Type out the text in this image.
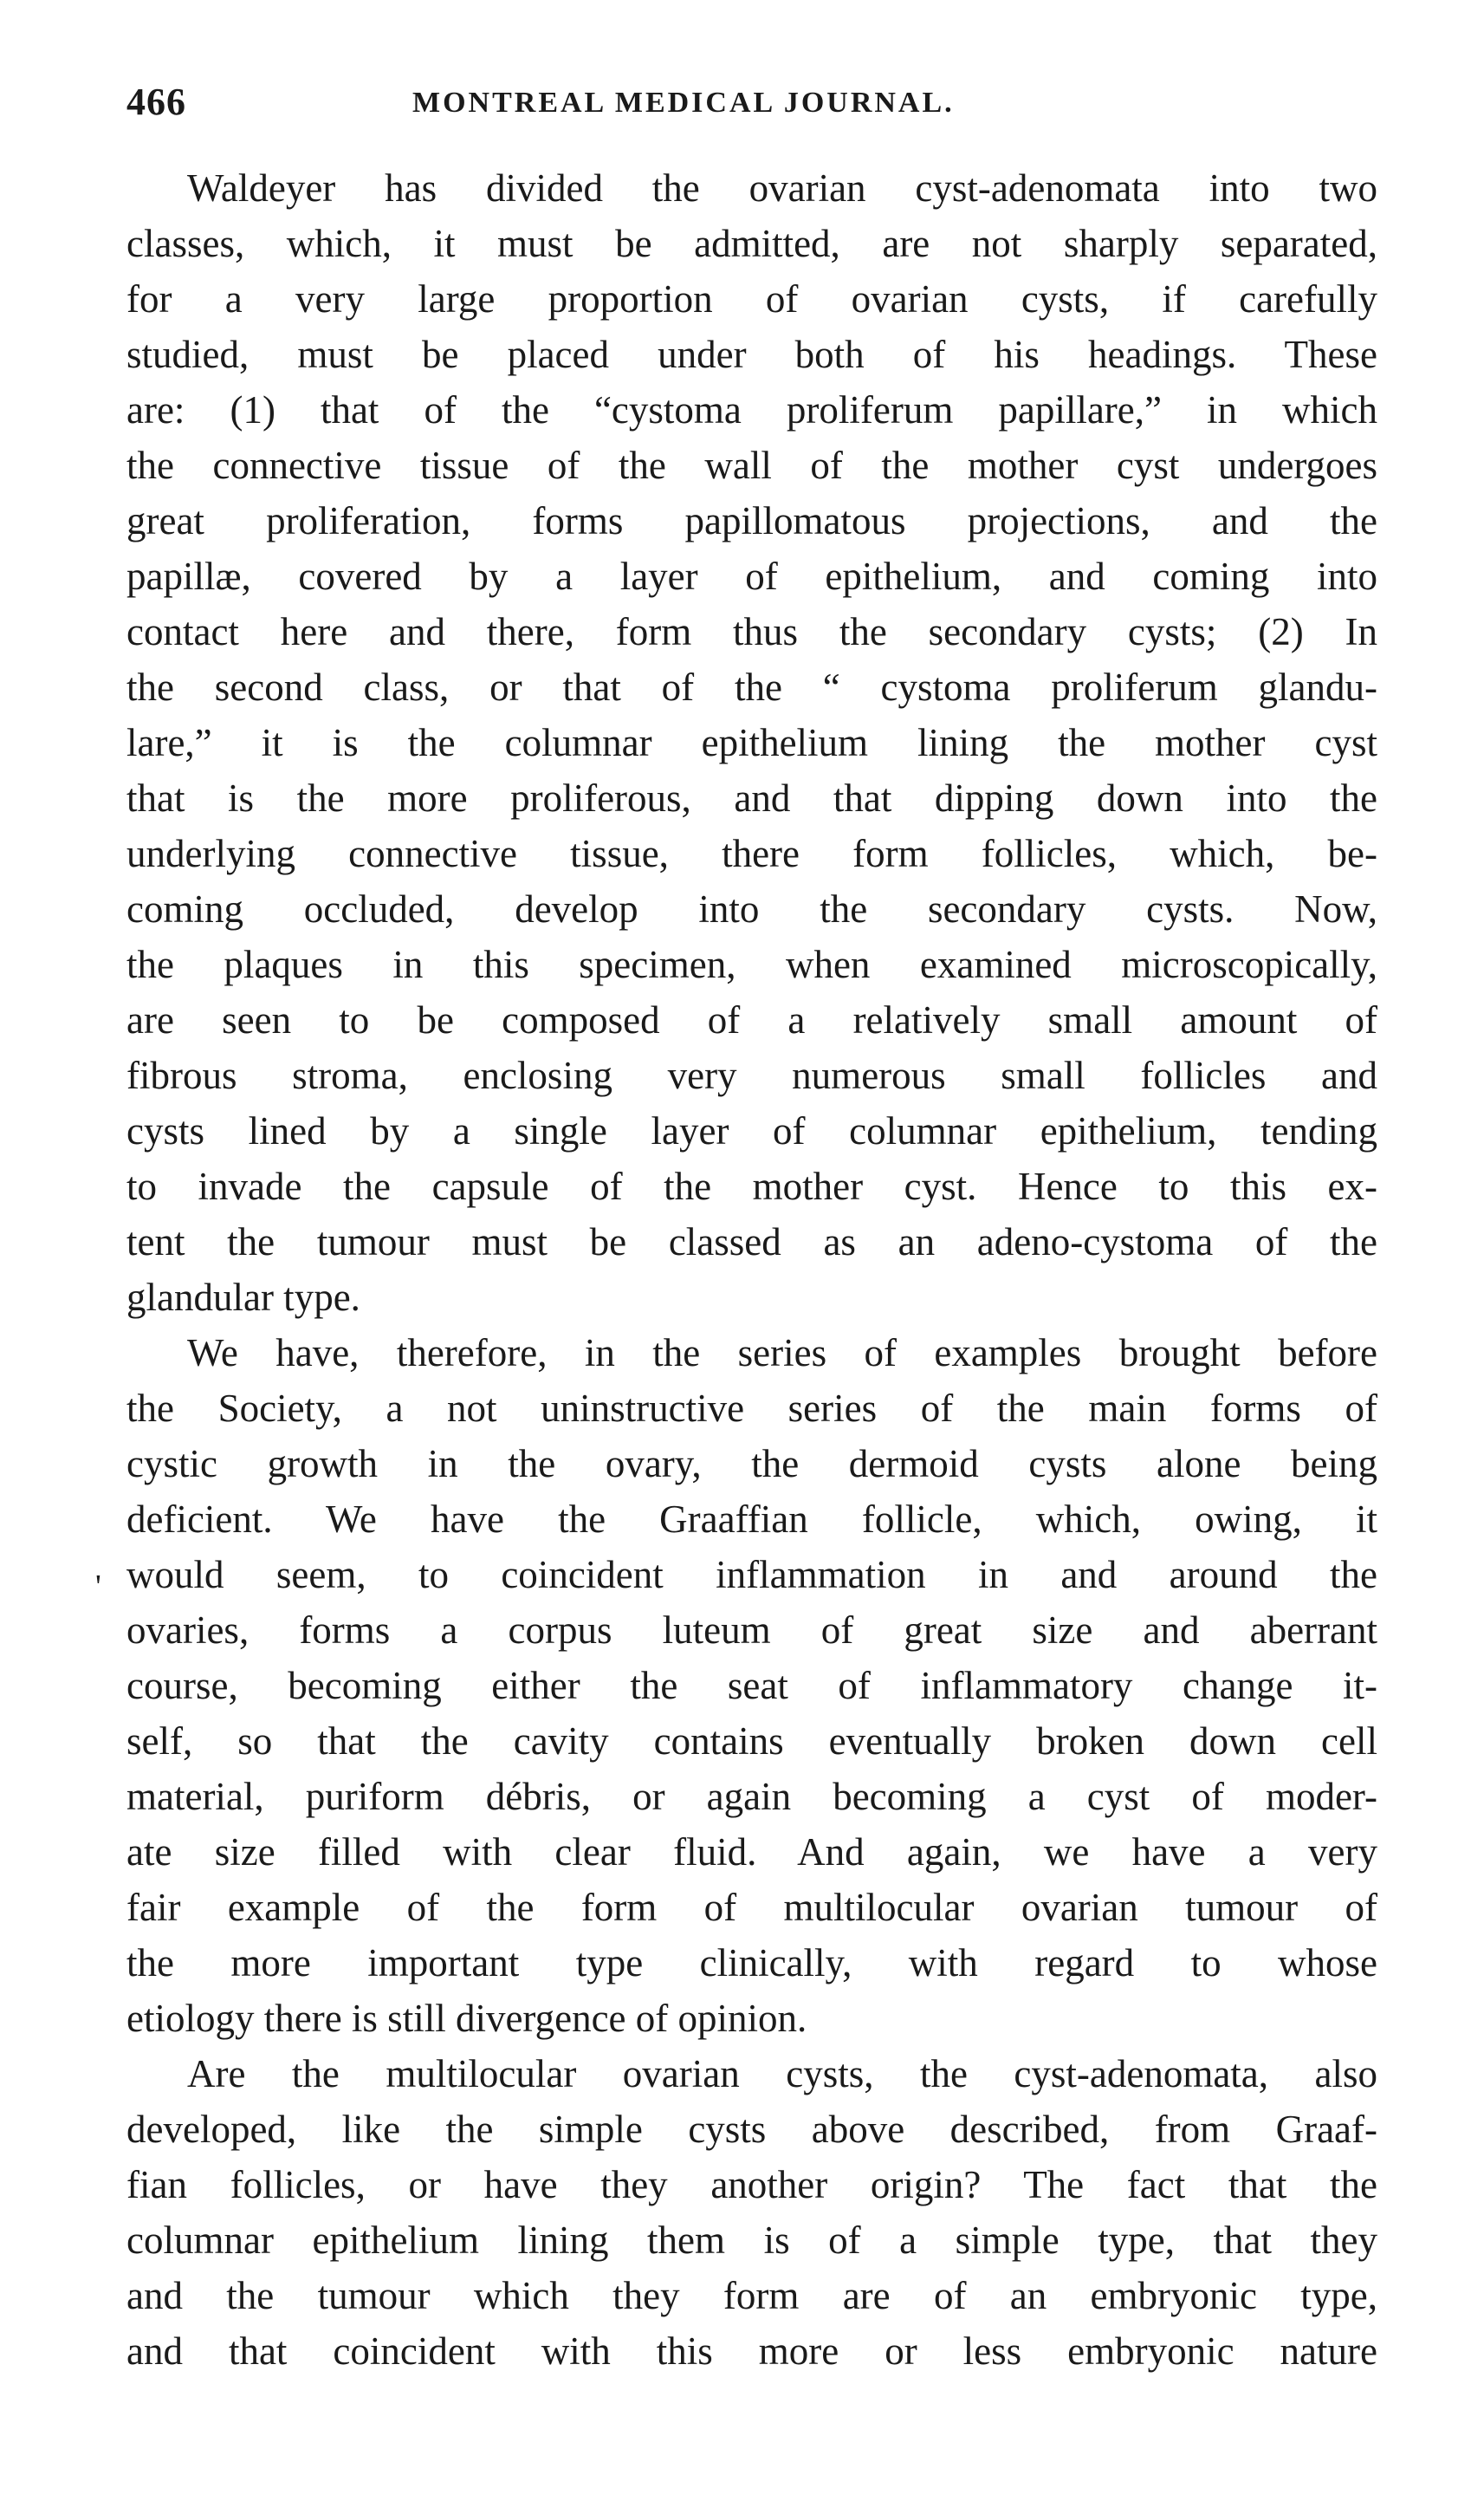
466	MONTREAL MEDICAL JOURNAL.
'
Waldeyer has divided the ovarian cyst-adenomata into two
classes, which, it must be admitted, are not sharply separated,
for a very large proportion of ovarian cysts, if carefully
studied, must be placed under both of his headings. These
are: (1) that of the “cystoma proliferum papillare,” in which
the connective tissue of the wall of the mother cyst undergoes
great proliferation, forms papillomatous projections, and the
papillæ, covered by a layer of epithelium, and coming into
contact here and there, form thus the secondary cysts; (2) In
the second class, or that of the “ cystoma proliferum glandu-
lare,” it is the columnar epithelium lining the mother cyst
that is the more proliferous, and that dipping down into the
underlying connective tissue, there form follicles, which, be-
coming occluded, develop into the secondary cysts. Now,
the plaques in this specimen, when examined microscopically,
are seen to be composed of a relatively small amount of
fibrous stroma, enclosing very numerous small follicles and
cysts lined by a single layer of columnar epithelium, tending
to invade the capsule of the mother cyst. Hence to this ex-
tent the tumour must be classed as an adeno-cystoma of the
glandular type.
We have, therefore, in the series of examples brought before
the Society, a not uninstructive series of the main forms of
cystic growth in the ovary, the dermoid cysts alone being
deficient. We have the Graaffian follicle, which, owing, it
would seem, to coincident inflammation in and around the
ovaries, forms a corpus luteum of great size and aberrant
course, becoming either the seat of inflammatory change it-
self, so that the cavity contains eventually broken down cell
material, puriform débris, or again becoming a cyst of moder-
ate size filled with clear fluid. And again, we have a very
fair example of the form of multilocular ovarian tumour of
the more important type clinically, with regard to whose
etiology there is still divergence of opinion.
Are the multilocular ovarian cysts, the cyst-adenomata, also
developed, like the simple cysts above described, from Graaf-
fian follicles, or have they another origin? The fact that the
columnar epithelium lining them is of a simple type, that they
and the tumour which they form are of an embryonic type,
and that coincident with this more or less embryonic nature
